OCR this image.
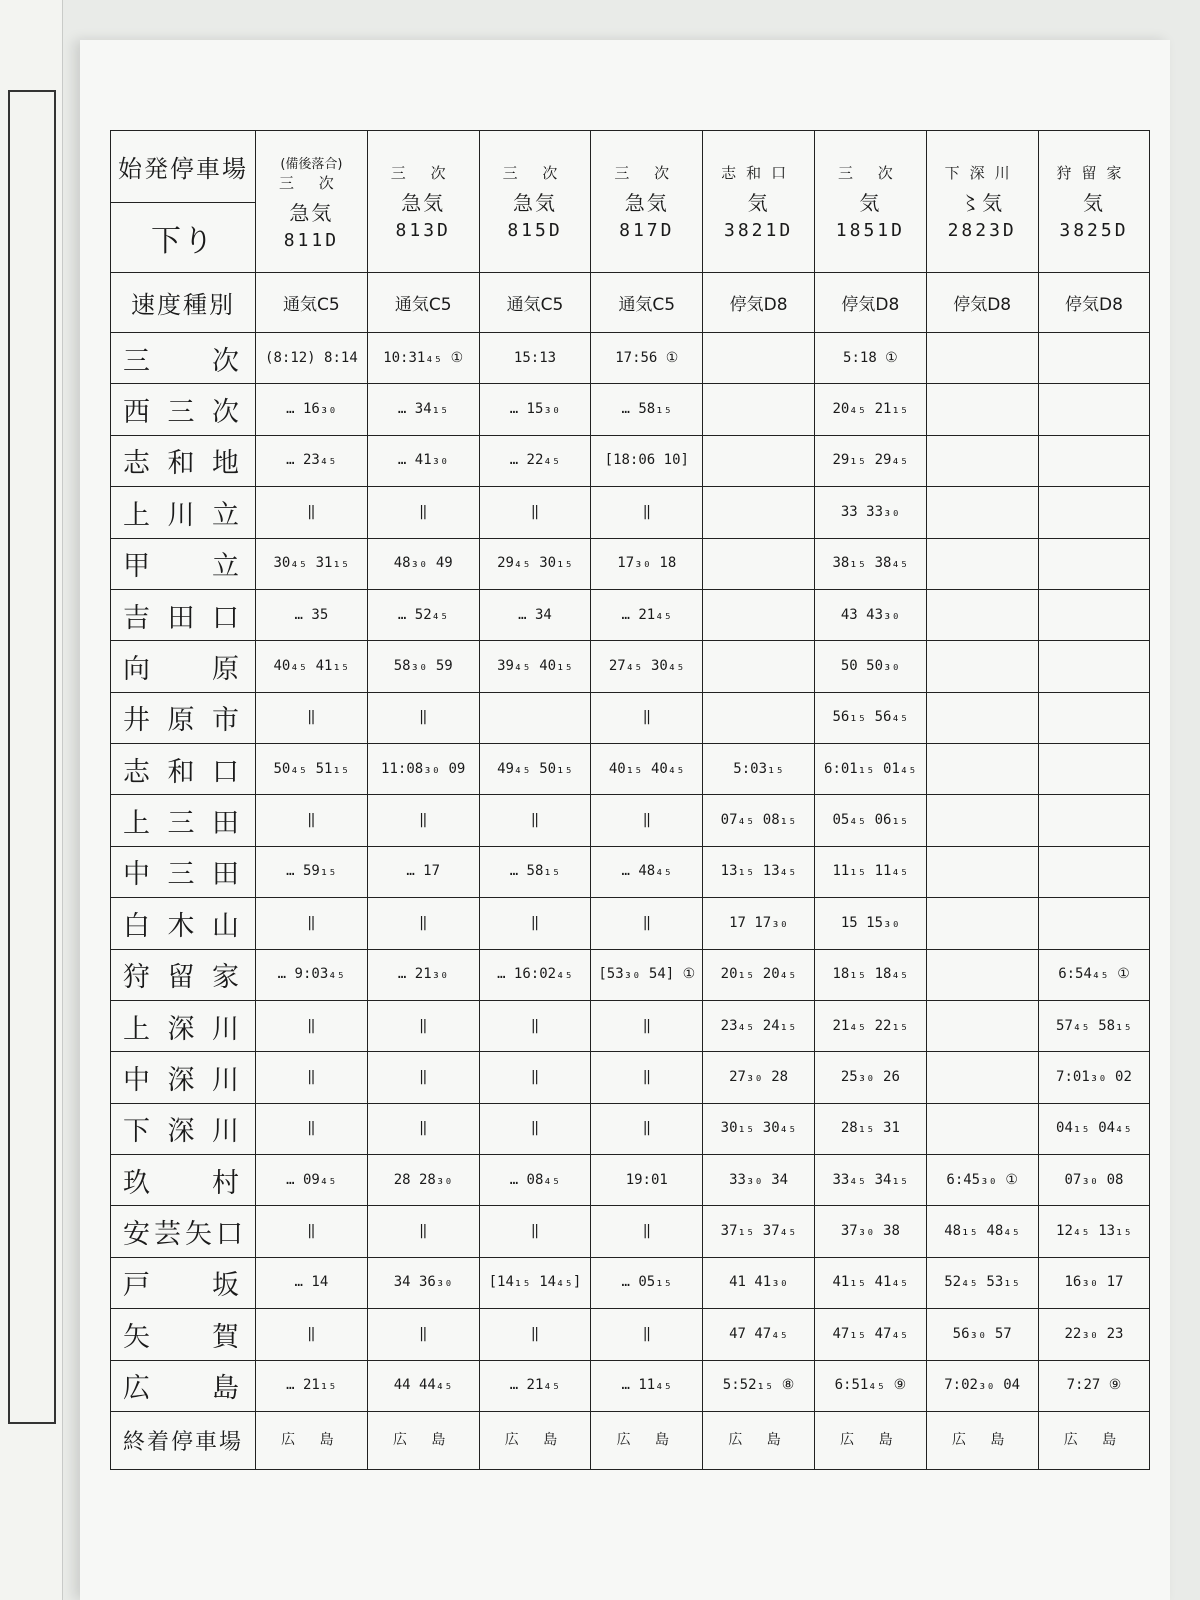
始発停車場	(備後落合)
三 次
急気
811D	三 次
急気
813D	三 次
急気
815D	三 次
急気
817D	志和口
気
3821D	三 次
気
1851D	下深川
〻気
2823D	狩留家
気
3825D

下り								
速度種別	通気C5	通気C5	通気C5	通気C5	停気D8	停気D8	停気D8	停気D8
三次	(8:12) 8:14	10:31₄₅ ①	15:13	17:56 ①		5:18 ①		
西三次	… 16₃₀	… 34₁₅	… 15₃₀	… 58₁₅		20₄₅ 21₁₅		
志和地	… 23₄₅	… 41₃₀	… 22₄₅	[18:06 10]		29₁₅ 29₄₅		
上川立	‖	‖	‖	‖		33 33₃₀		
甲立	30₄₅ 31₁₅	48₃₀ 49	29₄₅ 30₁₅	17₃₀ 18		38₁₅ 38₄₅		
吉田口	… 35	… 52₄₅	… 34	… 21₄₅		43 43₃₀		
向原	40₄₅ 41₁₅	58₃₀ 59	39₄₅ 40₁₅	27₄₅ 30₄₅		50 50₃₀		
井原市	‖	‖		‖		56₁₅ 56₄₅		
志和口	50₄₅ 51₁₅	11:08₃₀ 09	49₄₅ 50₁₅	40₁₅ 40₄₅	5:03₁₅	6:01₁₅ 01₄₅		
上三田	‖	‖	‖	‖	07₄₅ 08₁₅	05₄₅ 06₁₅		
中三田	… 59₁₅	… 17	… 58₁₅	… 48₄₅	13₁₅ 13₄₅	11₁₅ 11₄₅		
白木山	‖	‖	‖	‖	17 17₃₀	15 15₃₀		
狩留家	… 9:03₄₅	… 21₃₀	… 16:02₄₅	[53₃₀ 54] ①	20₁₅ 20₄₅	18₁₅ 18₄₅		6:54₄₅ ①
上深川	‖	‖	‖	‖	23₄₅ 24₁₅	21₄₅ 22₁₅		57₄₅ 58₁₅
中深川	‖	‖	‖	‖	27₃₀ 28	25₃₀ 26		7:01₃₀ 02
下深川	‖	‖	‖	‖	30₁₅ 30₄₅	28₁₅ 31		04₁₅ 04₄₅
玖村	… 09₄₅	28 28₃₀	… 08₄₅	19:01	33₃₀ 34	33₄₅ 34₁₅	6:45₃₀ ①	07₃₀ 08
安芸矢口	‖	‖	‖	‖	37₁₅ 37₄₅	37₃₀ 38	48₁₅ 48₄₅	12₄₅ 13₁₅
戸坂	… 14	34 36₃₀	[14₁₅ 14₄₅]	… 05₁₅	41 41₃₀	41₁₅ 41₄₅	52₄₅ 53₁₅	16₃₀ 17
矢賀	‖	‖	‖	‖	47 47₄₅	47₁₅ 47₄₅	56₃₀ 57	22₃₀ 23
広島	… 21₁₅	44 44₄₅	… 21₄₅	… 11₄₅	5:52₁₅ ⑧	6:51₄₅ ⑨	7:02₃₀ 04	7:27 ⑨
終着停車場	広 島	広 島	広 島	広 島	広 島	広 島	広 島	広 島
